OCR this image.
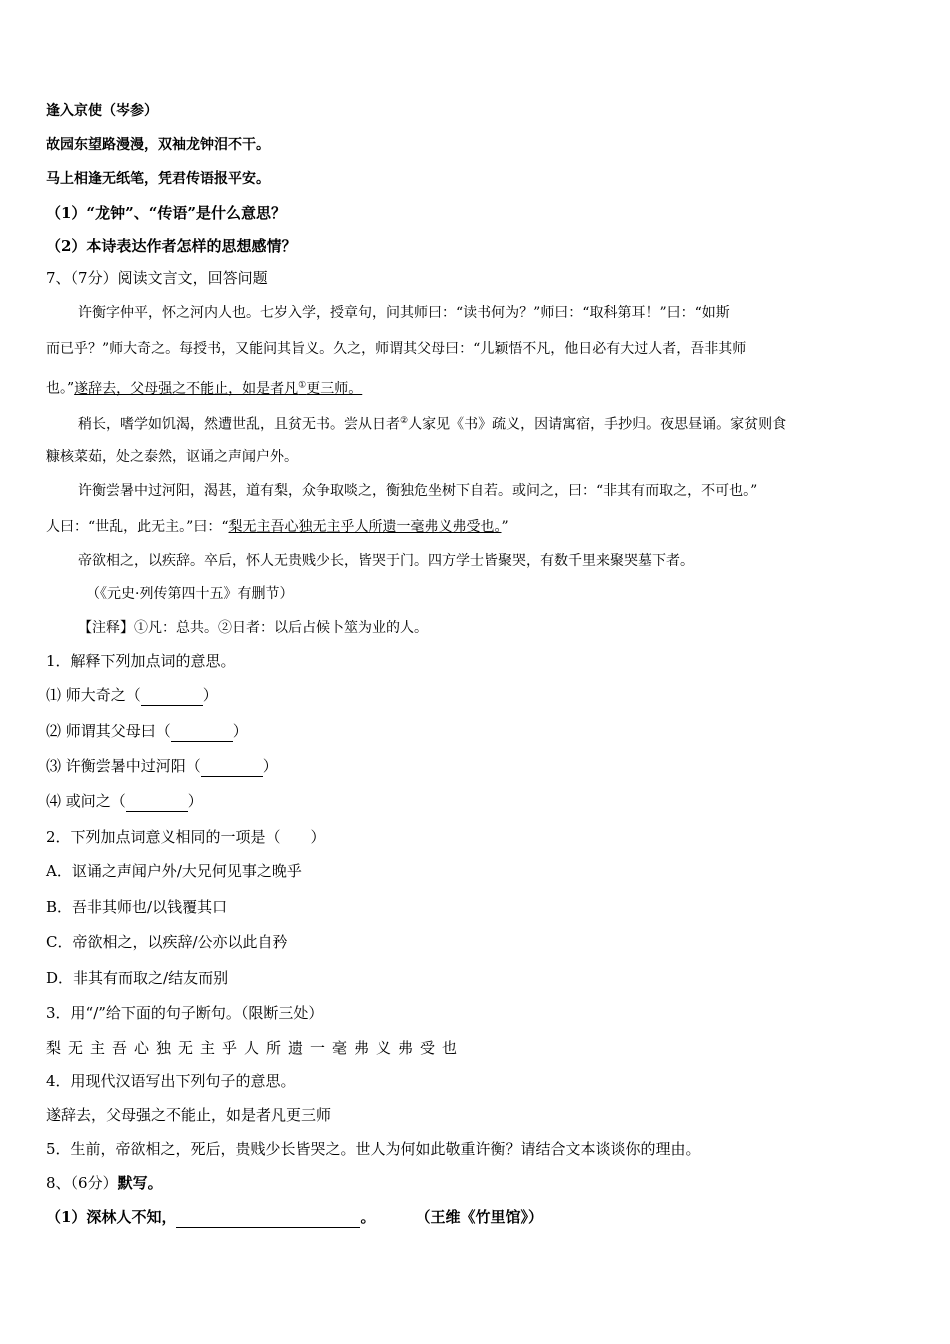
逢入京使（岑参）
故园东望路漫漫，双袖龙钟泪不干。
马上相逢无纸笔，凭君传语报平安。
（1）“龙钟”、“传语”是什么意思？
（2）本诗表达作者怎样的思想感情？
7、（7分）阅读文言文，回答问题
许衡字仲平，怀之河内人也。七岁入学，授章句，问其师曰：“读书何为？”师曰：“取科第耳！”曰：“如斯
而已乎？”师大奇之。每授书，又能问其旨义。久之，师谓其父母曰：“儿颖悟不凡，他日必有大过人者，吾非其师
也。”遂辞去，父母强之不能止，如是者凡①更三师。
稍长，嗜学如饥渴，然遭世乱，且贫无书。尝从日者②人家见《书》疏义，因请寓宿，手抄归。夜思昼诵。家贫则食
糠核菜茹，处之泰然，讴诵之声闻户外。
许衡尝暑中过河阳，渴甚，道有梨，众争取啖之，衡独危坐树下自若。或问之，曰：“非其有而取之，不可也。”
人曰：“世乱，此无主。”曰：“梨无主吾心独无主乎人所遗一毫弗义弗受也。”
帝欲相之，以疾辞。卒后，怀人无贵贱少长，皆哭于门。四方学士皆聚哭，有数千里来聚哭墓下者。
（《元史·列传第四十五》有删节）
【注释】①凡：总共。②日者：以后占候卜筮为业的人。
1．解释下列加点词的意思。
⑴ 师大奇之（	）
⑵ 师谓其父母曰（	）
⑶ 许衡尝暑中过河阳（	）
⑷ 或问之（	）
2．下列加点词意义相同的一项是（　　）
A．讴诵之声闻户外/大兄何见事之晚乎
B．吾非其师也/以钱覆其口
C．帝欲相之，以疾辞/公亦以此自矜
D．非其有而取之/结友而别
3．用“/”给下面的句子断句。（限断三处）
梨无主吾心独无主乎人所遗一毫弗义弗受也
4．用现代汉语写出下列句子的意思。
遂辞去，父母强之不能止，如是者凡更三师
5．生前，帝欲相之，死后，贵贱少长皆哭之。世人为何如此敬重许衡？请结合文本谈谈你的理由。
8、（6分）默写。
（1）深林人不知，	。	（王维《竹里馆》）
